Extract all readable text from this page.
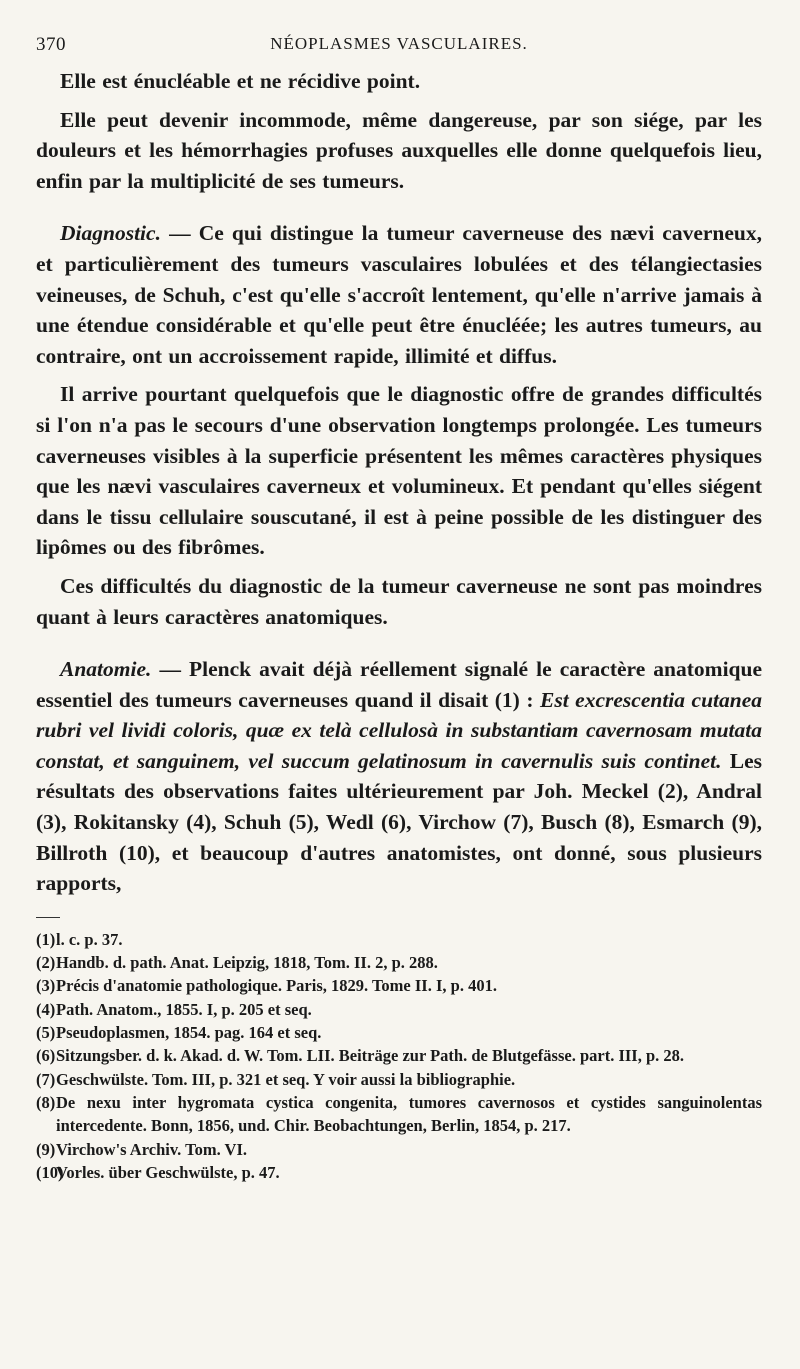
370	NÉOPLASMES VASCULAIRES.

Elle est énucléable et ne récidive point.

Elle peut devenir incommode, même dangereuse, par son siége, par les douleurs et les hémorrhagies profuses auxquelles elle donne quelquefois lieu, enfin par la multiplicité de ses tumeurs.

Diagnostic. — Ce qui distingue la tumeur caverneuse des nævi caverneux, et particulièrement des tumeurs vasculaires lobulées et des télangiectasies veineuses, de Schuh, c'est qu'elle s'accroît lentement, qu'elle n'arrive jamais à une étendue considérable et qu'elle peut être énucléée; les autres tumeurs, au contraire, ont un accroissement rapide, illimité et diffus.

Il arrive pourtant quelquefois que le diagnostic offre de grandes difficultés si l'on n'a pas le secours d'une observation longtemps prolongée. Les tumeurs caverneuses visibles à la superficie présentent les mêmes caractères physiques que les nævi vasculaires caverneux et volumineux. Et pendant qu'elles siégent dans le tissu cellulaire souscutané, il est à peine possible de les distinguer des lipômes ou des fibrômes.

Ces difficultés du diagnostic de la tumeur caverneuse ne sont pas moindres quant à leurs caractères anatomiques.

Anatomie. — Plenck avait déjà réellement signalé le caractère anatomique essentiel des tumeurs caverneuses quand il disait (1) : Est excrescentia cutanea rubri vel lividi coloris, quæ ex telà cellulosà in substantiam cavernosam mutata constat, et sanguinem, vel succum gelatinosum in cavernulis suis continet. Les résultats des observations faites ultérieurement par Joh. Meckel (2), Andral (3), Rokitansky (4), Schuh (5), Wedl (6), Virchow (7), Busch (8), Esmarch (9), Billroth (10), et beaucoup d'autres anatomistes, ont donné, sous plusieurs rapports,

(1)l. c. p. 37.

(2)Handb. d. path. Anat. Leipzig, 1818, Tom. II. 2, p. 288.

(3)Précis d'anatomie pathologique. Paris, 1829. Tome II. I, p. 401.

(4)Path. Anatom., 1855. I, p. 205 et seq.

(5)Pseudoplasmen, 1854. pag. 164 et seq.

(6)Sitzungsber. d. k. Akad. d. W. Tom. LII. Beiträge zur Path. de Blutgefässe. part. III, p. 28.

(7)Geschwülste. Tom. III, p. 321 et seq. Y voir aussi la bibliographie.

(8)De nexu inter hygromata cystica congenita, tumores cavernosos et cystides sanguinolentas intercedente. Bonn, 1856, und. Chir. Beobachtungen, Berlin, 1854, p. 217.

(9)Virchow's Archiv. Tom. VI.

(10)Vorles. über Geschwülste, p. 47.
